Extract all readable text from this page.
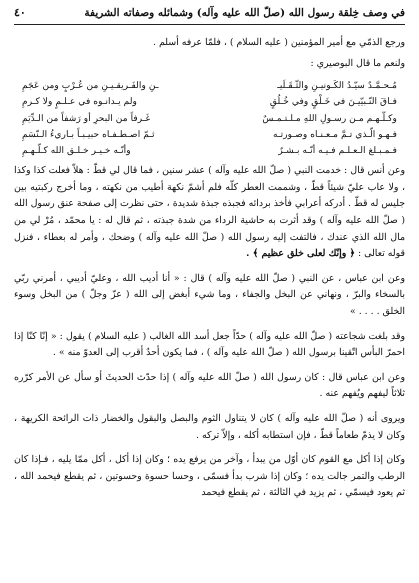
في وصف خِلقة رسول الله (صلّ الله عليه وآله) وشمائله وصفاته الشريفة
٤٠

ورجع الذمّي مع أمير المؤمنين ( عليه السلام ) ، فلمّا عرفه أسلم .

ولنعم ما قال البوصيري :

مُـحـمَّـدٌ سيّـدُ الكَـونيـنِ والثّـقَـلَيـ
ـنِ والفَـريقـيـنِ من عُـرْبٍ ومن عَجَمِ
فـاقَ النّـبيّيـنَ في خَـلْقٍ وفي خُـلُقٍ
ولم يـدانـوه في عـلـمٍ ولا كـرمِ
وكـلُّـهـم مـن رسـولِ اللهِ مـلـتـمـسٌ
غَـرفاً من البحرِ أو رَشفاً من الـدِّيَمِ
فـهـو الّـذي تـمَّ مـعـنـاه وصـورتـه
ثـمّ اصـطـفـاه حبيـبـاً بـاريءُ الـنّسَمِ
فـمـبـلغ الـعـلـم فـيـه أنّـه بـشـرٌ
وأنّـه خـيـر خـلـق الله كـلّـهـمِ

وعن أنس قال : خدمت النبي ( صلّ الله عليه وآله ) عشر سنين ، فما قال لي قطّ : هلاّ فعلت كذا وكذا ، ولا عاب عليّ شيئاً قطّ ، وشممت العطر كلّه فلم أشمّ نكهة أطيب من نكهته ، وما أخرج ركبتيه بين جليس له قطّ . أدركه أعرابي فأخذ بردائه فجبذه جبذة شديدة ، حتى نظرت إلى صفحة عنق رسول الله ( صلّ الله عليه وآله ) وقد أثرت به حاشية الرداء من شدة جبذته ، ثم قال له : يا محمّد ، مُرْ لي من مال الله الذي عندك ، فالتفت إليه رسول الله ( صلّ الله عليه وآله ) وضحك ، وأمر له بعطاء ، فنزل قوله تعالى : ﴿ وإنّك لعلى خلق عظيم ﴾ .

وعن ابن عباس ، عن النبي ( صلّ الله عليه وآله ) قال : « أنا أديب الله ، وعليّ أديبي ، أمرني ربّي بالسخاء والبرّ ، ونهاني عن البخل والجفاء ، وما شيء أبغض إلى الله ( عزّ وجلّ ) من البخل وسوء الخلق . . . . »

وقد بلغت شجاعته ( صلّ الله عليه وآله ) حدّاً جعل أسد الله الغالب ( عليه السلام ) يقول : « إنّا كنّا إذا احمرّ البأس اتّقينا برسول الله ( صلّ الله عليه وآله ) ، فما يكون أحدٌ أقرب إلى العدوّ منه » .

وعن ابن عباس قال : كان رسول الله ( صلّ الله عليه وآله ) إذا حدّث الحديثَ أو سأل عن الأمر كرّره ثلاثاً ليفهم ويُفهم عنه .

ويروى أنه ( صلّ الله عليه وآله ) كان لا يتناول الثوم والبصل والبقول والخضار ذات الرائحة الكريهة ، وكان لا يذمّ طعاماً قطّ ، فإن استطابه أكله ، وإلاّ تركه .

وكان إذا أكل مع القوم كان أوّل من يبدأ ، وآخر من يرفع يده ؛ وكان إذا أكل ، أكل ممّا يليه ، فـإذا كان الرطب والتمر جالت يده ؛ وكان إذا شرب بدأ فسمّى ، وحسا حسوة وحسوتين ، ثم يقطع فيحمد الله ، ثم يعود فيسمّي ، ثم يزيد في الثالثة ، ثم يقطع فيحمد
